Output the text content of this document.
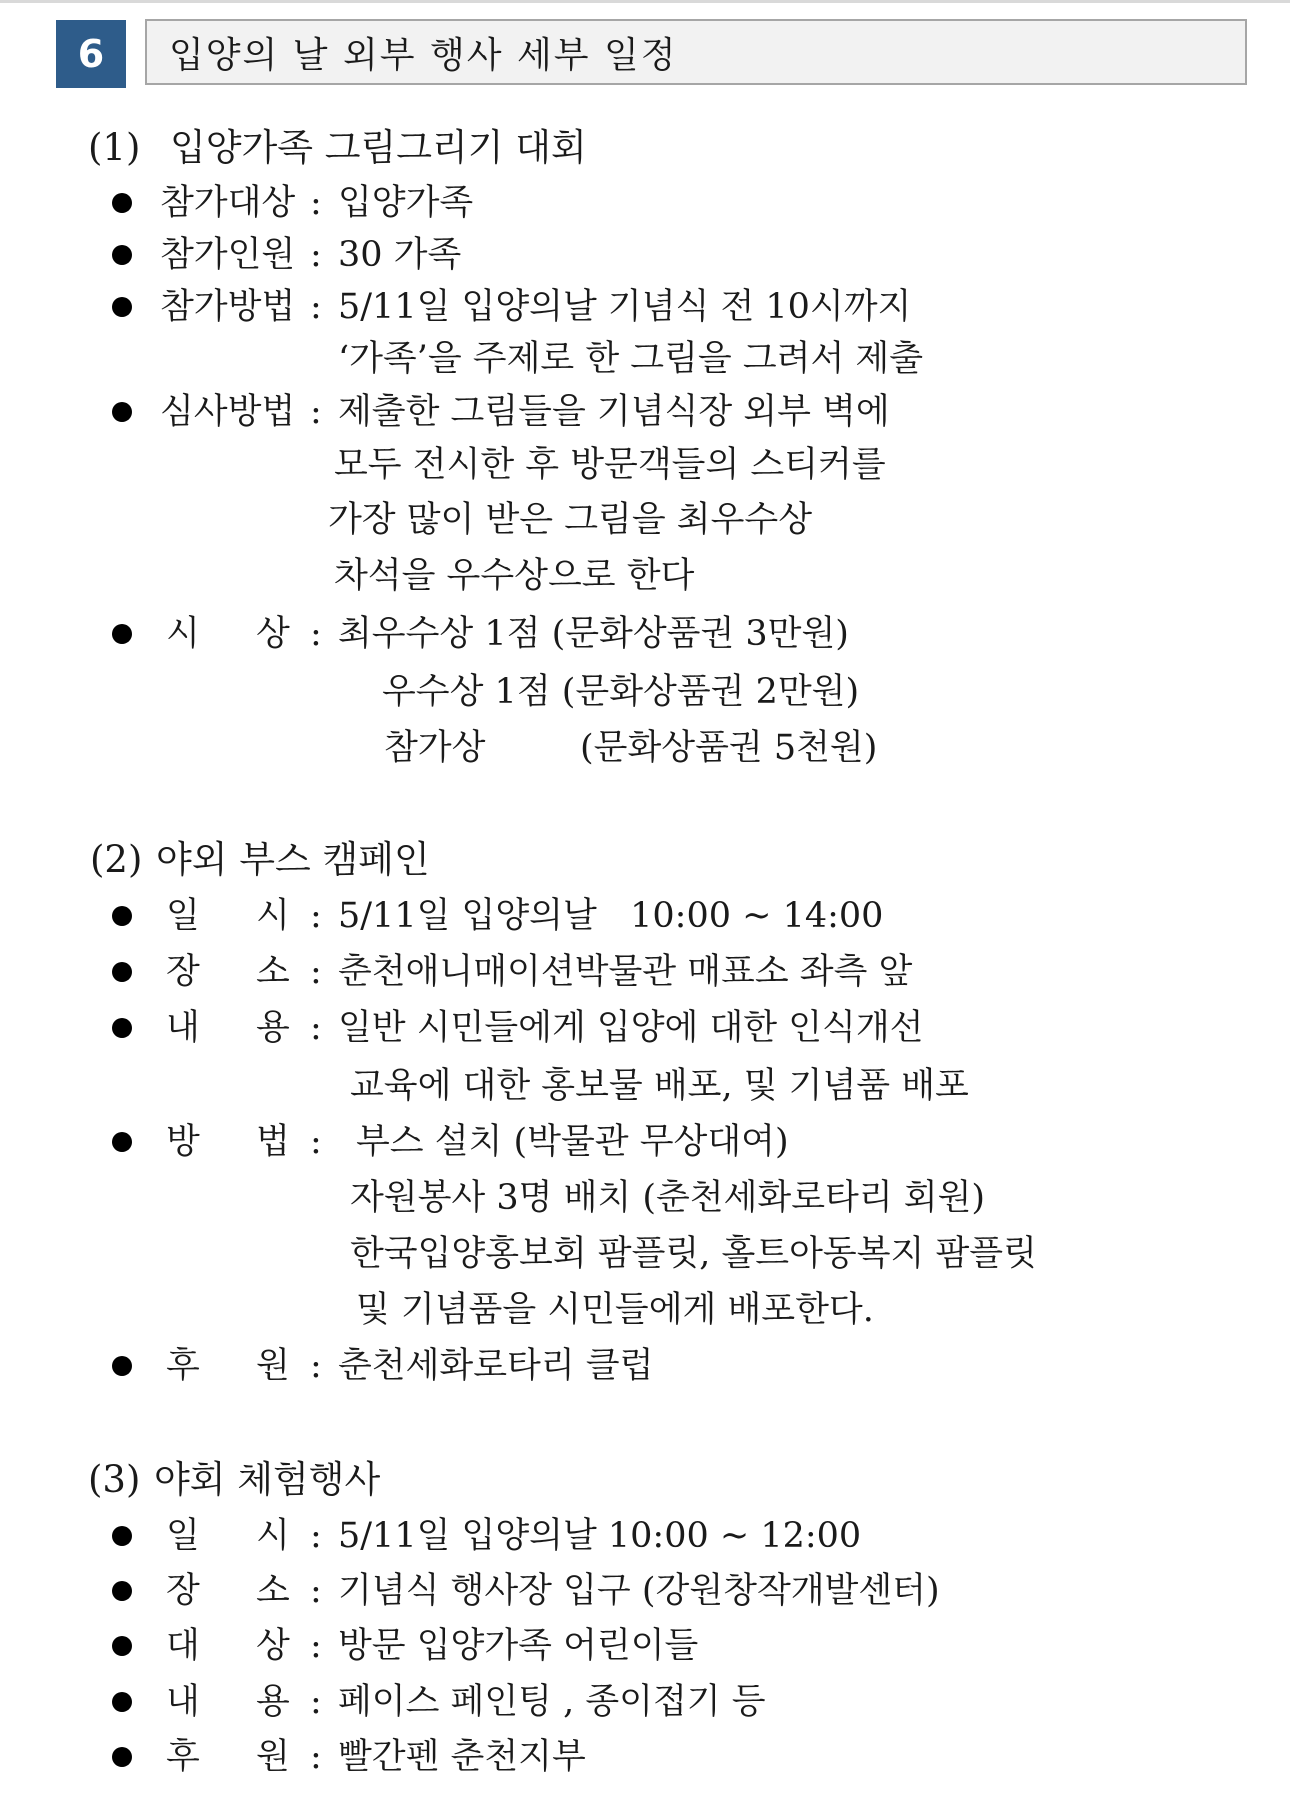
6	입양의 날 외부 행사 세부 일정
(1) 입양가족 그림그리기 대회
참가대상 : 입양가족
참가인원 : 30 가족
참가방법 : 5/11일 입양의날 기념식 전 10시까지
‘가족’을 주제로 한 그림을 그려서 제출
심사방법 : 제출한 그림들을 기념식장 외부 벽에
모두 전시한 후 방문객들의 스티커를
가장 많이 받은 그림을 최우수상
차석을 우수상으로 한다
시 상 : 최우수상 1점 (문화상품권 3만원)
우수상 1점 (문화상품권 2만원)
참가상	(문화상품권 5천원)
(2) 야외 부스 캠페인
일 시 : 5/11일 입양의날   10:00 ~ 14:00
장 소 : 춘천애니매이션박물관 매표소 좌측 앞
내 용 : 일반 시민들에게 입양에 대한 인식개선
교육에 대한 홍보물 배포, 및 기념품 배포
방 법 : 부스 설치 (박물관 무상대여)
자원봉사 3명 배치 (춘천세화로타리 회원)
한국입양홍보회 팜플릿, 홀트아동복지 팜플릿
및 기념품을 시민들에게 배포한다.
후 원 : 춘천세화로타리 클럽
(3) 야회 체험행사
일 시 : 5/11일 입양의날 10:00 ~ 12:00
장 소 : 기념식 행사장 입구 (강원창작개발센터)
대 상 : 방문 입양가족 어린이들
내 용 : 페이스 페인팅 , 종이접기 등
후 원 : 빨간펜 춘천지부
